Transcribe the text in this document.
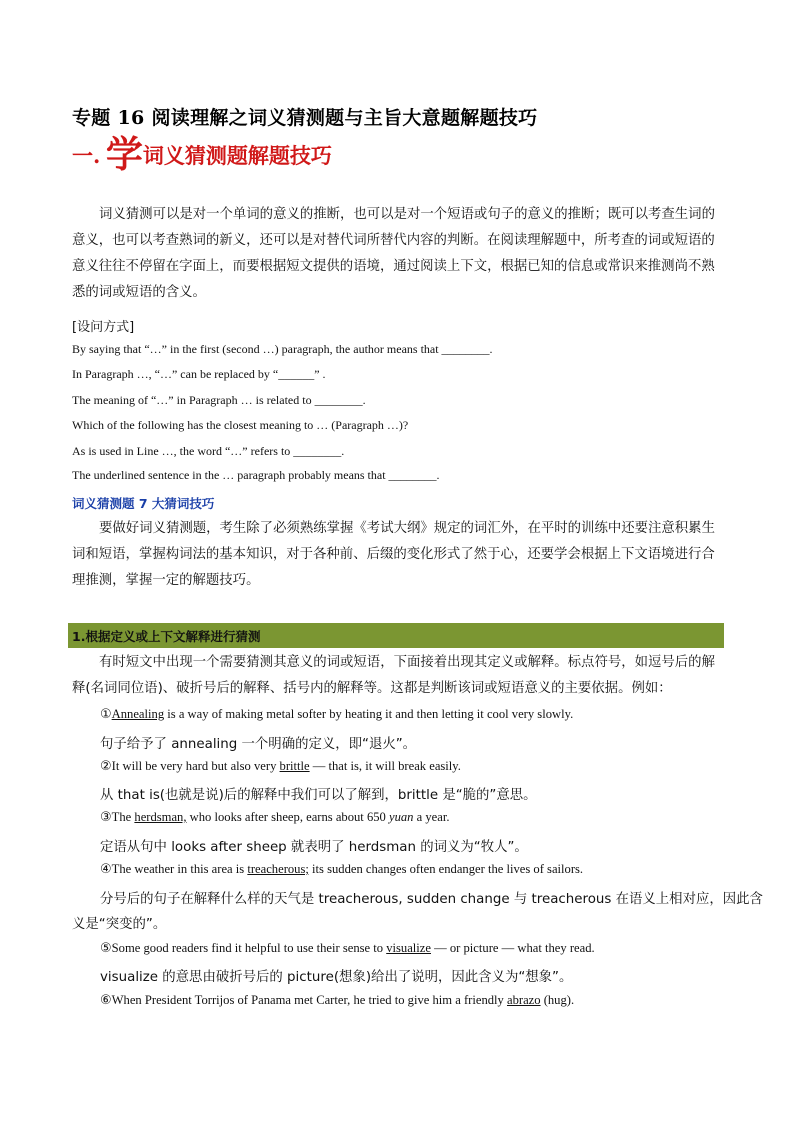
专题 16 阅读理解之词义猜测题与主旨大意题解题技巧
一. 学词义猜测题解题技巧
词义猜测可以是对一个单词的意义的推断，也可以是对一个短语或句子的意义的推断；既可以考查生词的意义，也可以考查熟词的新义，还可以是对替代词所替代内容的判断。在阅读理解题中，所考查的词或短语的意义往往不停留在字面上，而要根据短文提供的语境，通过阅读上下文，根据已知的信息或常识来推测尚不熟悉的词或短语的含义。
[设问方式]
By saying that “…” in the first (second …) paragraph, the author means that ________.
In Paragraph …, “…” can be replaced by “______” .
The meaning of “…” in Paragraph … is related to ________.
Which of the following has the closest meaning to … (Paragraph …)?
As is used in Line …, the word “…” refers to ________.
The underlined sentence in the … paragraph probably means that ________.
词义猜测题 7 大猜词技巧
要做好词义猜测题，考生除了必须熟练掌握《考试大纲》规定的词汇外，在平时的训练中还要注意积累生词和短语，掌握构词法的基本知识，对于各种前、后缀的变化形式了然于心，还要学会根据上下文语境进行合理推测，掌握一定的解题技巧。
1.根据定义或上下文解释进行猜测
有时短文中出现一个需要猜测其意义的词或短语，下面接着出现其定义或解释。标点符号，如逗号后的解释(名词同位语)、破折号后的解释、括号内的解释等。这都是判断该词或短语意义的主要依据。例如：
①Annealing is a way of making metal softer by heating it and then letting it cool very slowly.
句子给予了 annealing 一个明确的定义，即“退火”。
②It will be very hard but also very brittle — that is, it will break easily.
从 that is(也就是说)后的解释中我们可以了解到，brittle 是“脆的”意思。
③The herdsman, who looks after sheep, earns about 650 yuan a year.
定语从句中 looks after sheep 就表明了 herdsman 的词义为“牧人”。
④The weather in this area is treacherous; its sudden changes often endanger the lives of sailors.
分号后的句子在解释什么样的天气是 treacherous, sudden change 与 treacherous 在语义上相对应，因此含
义是“突变的”。
⑤Some good readers find it helpful to use their sense to visualize — or picture — what they read.
visualize 的意思由破折号后的 picture(想象)给出了说明，因此含义为“想象”。
⑥When President Torrijos of Panama met Carter, he tried to give him a friendly abrazo (hug).
